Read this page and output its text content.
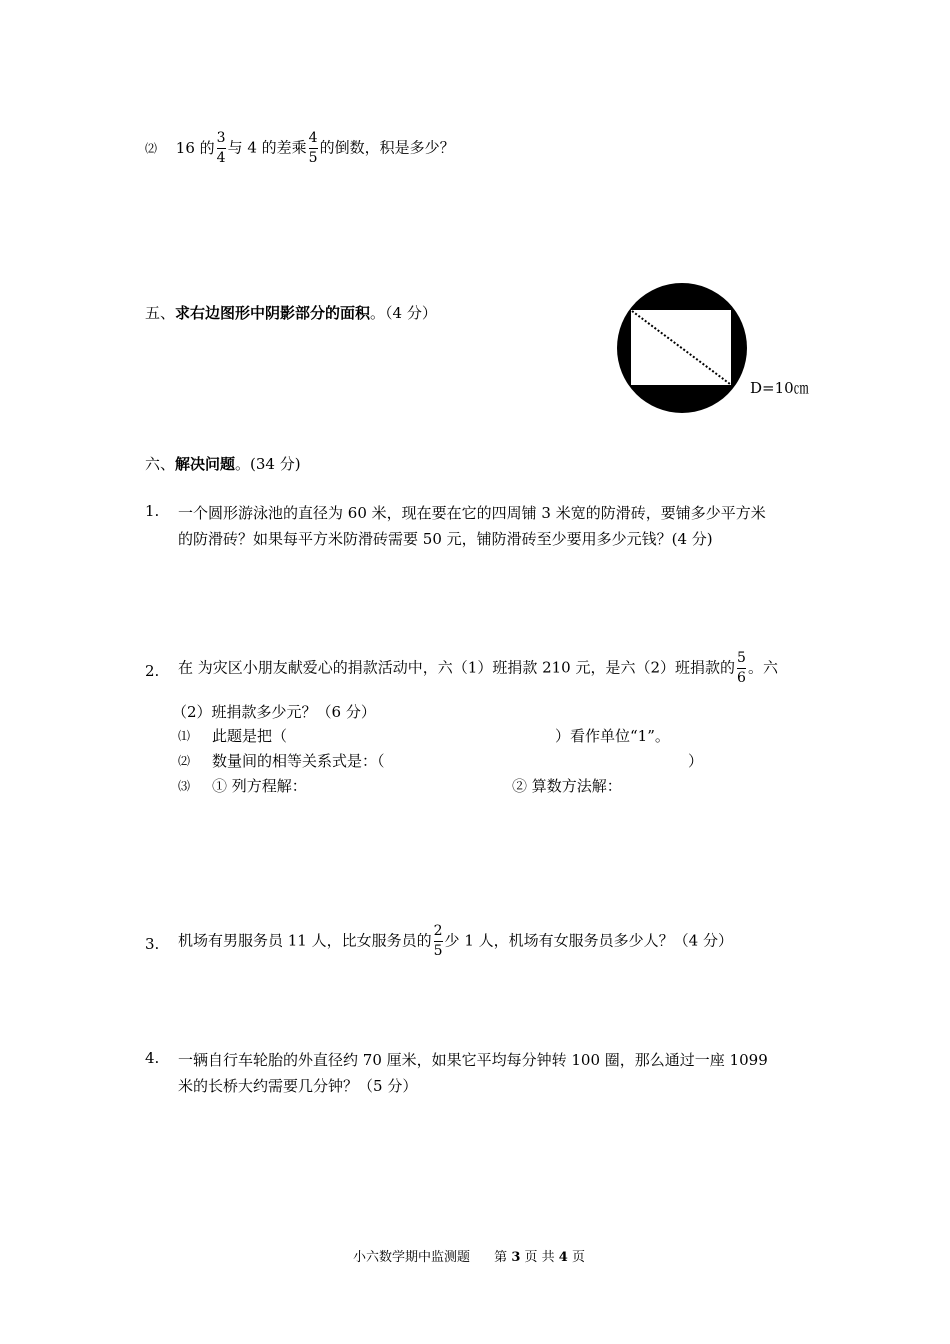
⑵ 16 的 $\frac{3}{4}$ 与 4 的差乘 $\frac{4}{5}$ 的倒数，积是多少？
五、求右边图形中阴影部分的面积。（4 分）
D=10㎝
六、解决问题。(34 分)
1. 一个圆形游泳池的直径为 60 米，现在要在它的四周铺 3 米宽的防滑砖，要铺多少平方米
的防滑砖？如果每平方米防滑砖需要 50 元，铺防滑砖至少要用多少元钱？(4 分)
2. 在 为灾区小朋友献爱心的捐款活动中，六（1）班捐款 210 元，是六（2）班捐款的 $\frac{5}{6}$ 。六
（2）班捐款多少元？（6 分）
⑴ 此题是把（	）看作单位“1”。
⑵ 数量间的相等关系式是：（	）
⑶ ① 列方程解：	② 算数方法解：
3. 机场有男服务员 11 人，比女服务员的 $\frac{2}{5}$ 少 1 人，机场有女服务员多少人？（4 分）
4. 一辆自行车轮胎的外直径约 70 厘米，如果它平均每分钟转 100 圈，那么通过一座 1099
米的长桥大约需要几分钟？（5 分）
小六数学期中监测题 第 3 页 共 4 页
